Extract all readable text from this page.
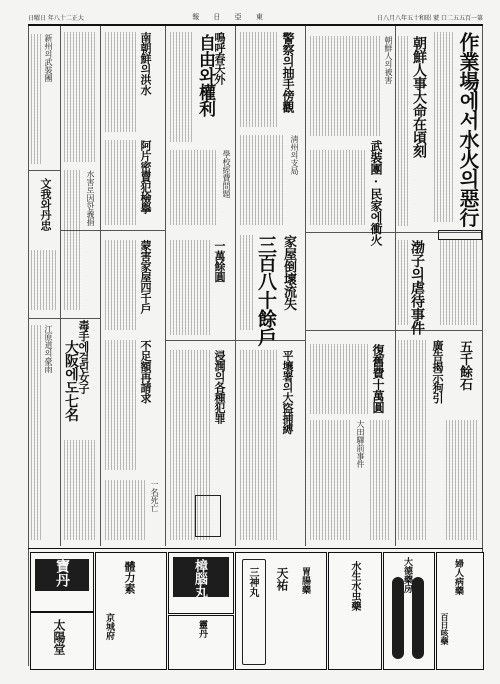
日曜日 年八十二正大	報 日 亞 東	日八月八年五十和昭 號 口二五五百一第
作業場에서水火의惡行
朝鮮人事大命在頃刻
渤子의虐待事件
五千餘石
廣告揭示狗引
武裝團·民家에衝火
朝鮮人의被害
復舊費十萬圓
大田驛前事件
警察의抽手傍觀
淸州의支局
家屋倒壞流失
三百八十餘戶
平壤署의大盜捕縛
鳴呼春天外
自由와權利
學校經費問題
一萬餘圓
浸潤의各種犯罪
南朝鮮의洪水
阿片密賣犯檢擧
蒙害家屋四千戶
不足額再請求
一名死亡
毒手에걸린女子
大阪에도七名
水害로因한義捐
新州의武裝團
文我와丹忠
江原道의豪雨
寶丹
太陽堂
體力素
京城府
樟腦丸
靈丹
三神丸 天祐 胃腸藥	水生水虫藥	大德藥房	婦人病藥
百日咳藥
